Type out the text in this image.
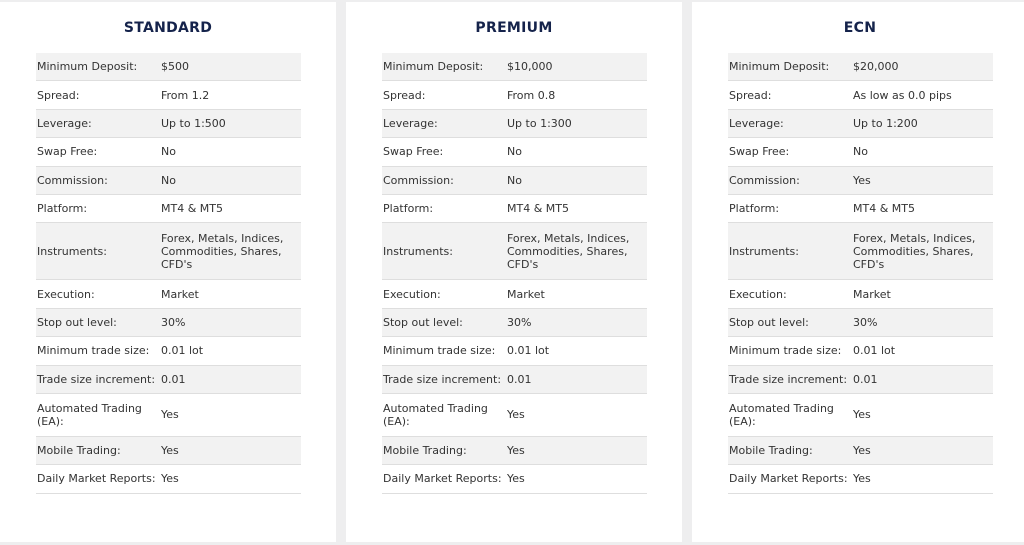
STANDARD
Minimum Deposit:	$500
Spread:	From 1.2
Leverage:	Up to 1:500
Swap Free:	No
Commission:	No
Platform:	MT4 & MT5
Instruments:
Forex, Metals, Indices, Commodities, Shares, CFD's
Execution:	Market
Stop out level:	30%
Minimum trade size:	0.01 lot
Trade size increment: 0.01
Automated Trading (EA):	Yes
Mobile Trading:	Yes
Daily Market Reports: Yes
PREMIUM
Minimum Deposit:	$10,000
Spread:	From 0.8
Leverage:	Up to 1:300
Swap Free:	No
Commission:	No
Platform:	MT4 & MT5
Instruments:
Forex, Metals, Indices, Commodities, Shares, CFD's
Execution:	Market
Stop out level:	30%
Minimum trade size:	0.01 lot
Trade size increment: 0.01
Automated Trading (EA):	Yes
Mobile Trading:	Yes
Daily Market Reports: Yes
ECN
Minimum Deposit:	$20,000
Spread:	As low as 0.0 pips
Leverage:	Up to 1:200
Swap Free:	No
Commission:	Yes
Platform:	MT4 & MT5
Instruments:
Forex, Metals, Indices, Commodities, Shares, CFD's
Execution:	Market
Stop out level:	30%
Minimum trade size:	0.01 lot
Trade size increment: 0.01
Automated Trading (EA):	Yes
Mobile Trading:	Yes
Daily Market Reports: Yes
